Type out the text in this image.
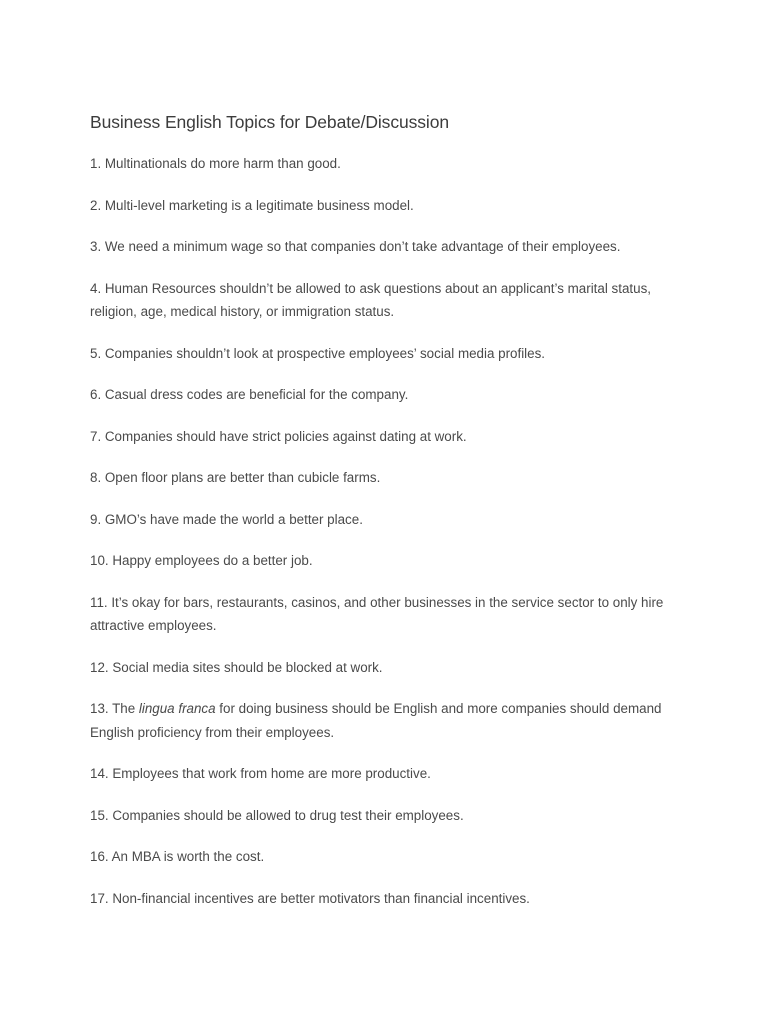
Business English Topics for Debate/Discussion
1. Multinationals do more harm than good.
2. Multi-level marketing is a legitimate business model.
3. We need a minimum wage so that companies don’t take advantage of their employees.
4. Human Resources shouldn’t be allowed to ask questions about an applicant’s marital status, religion, age, medical history, or immigration status.
5. Companies shouldn’t look at prospective employees’ social media profiles.
6. Casual dress codes are beneficial for the company.
7. Companies should have strict policies against dating at work.
8. Open floor plans are better than cubicle farms.
9. GMO’s have made the world a better place.
10. Happy employees do a better job.
11. It’s okay for bars, restaurants, casinos, and other businesses in the service sector to only hire attractive employees.
12. Social media sites should be blocked at work.
13. The lingua franca for doing business should be English and more companies should demand English proficiency from their employees.
14. Employees that work from home are more productive.
15. Companies should be allowed to drug test their employees.
16. An MBA is worth the cost.
17. Non-financial incentives are better motivators than financial incentives.
